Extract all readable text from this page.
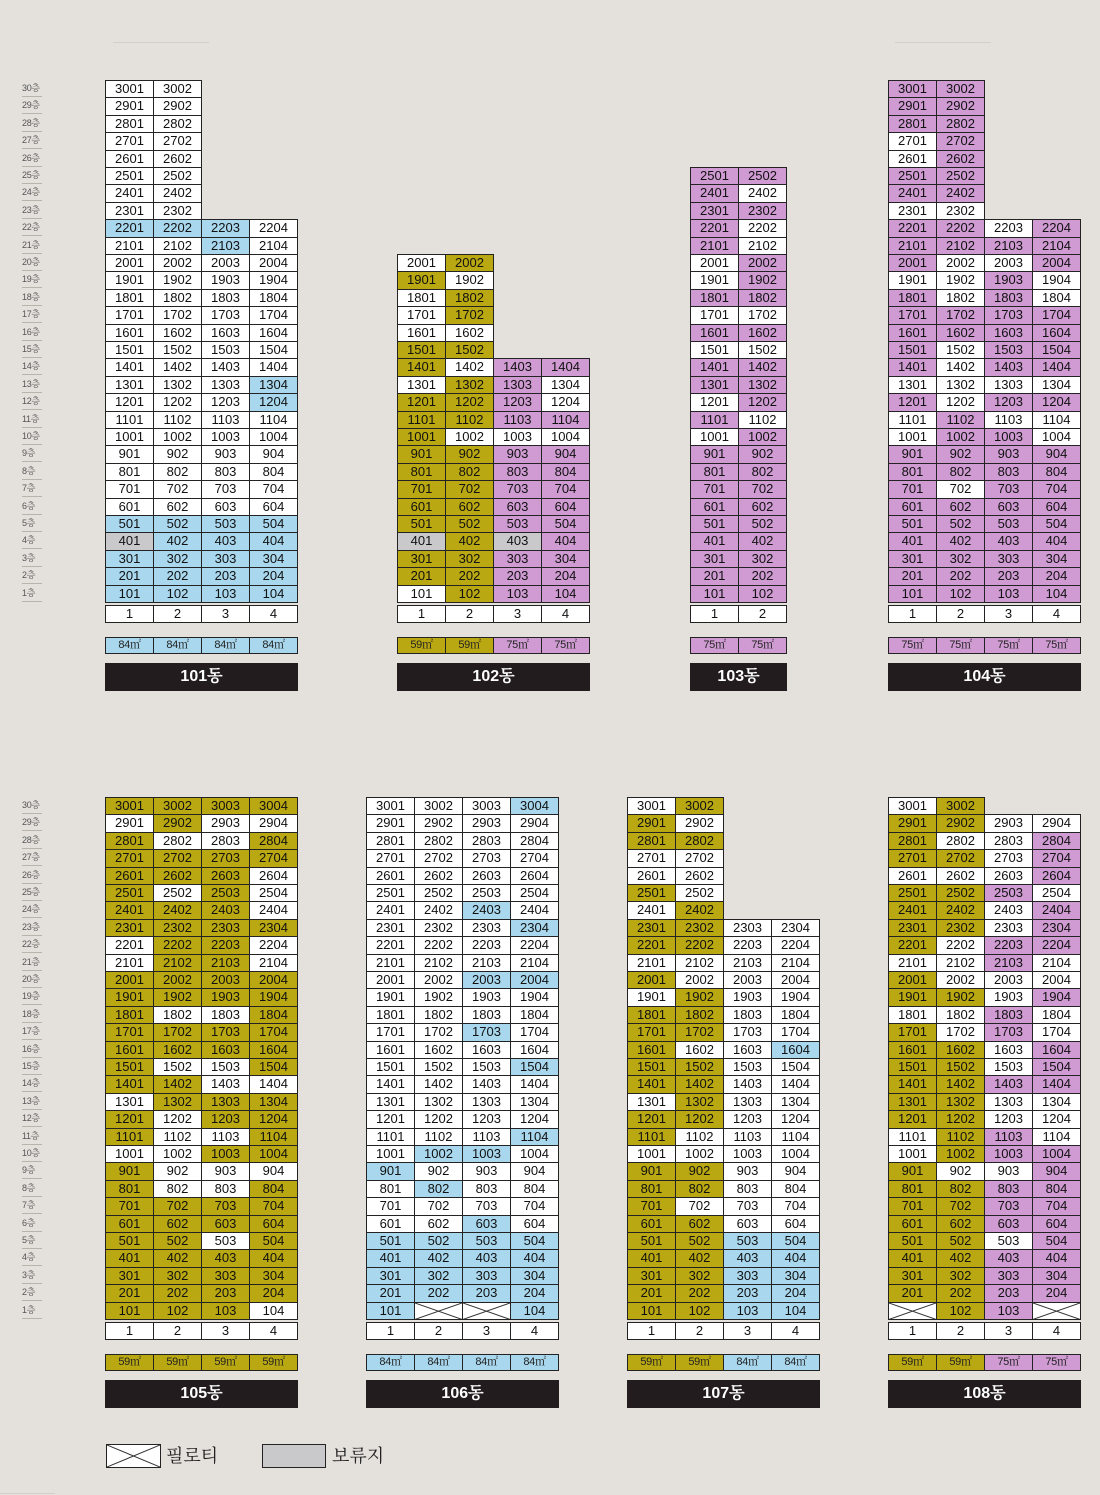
30층
29층
28층
27층
26층
25층
24층
23층
22층
21층
20층
19층
18층
17층
16층
15층
14층
13층
12층
11층
10층
9층
8층
7층
6층
5층
4층
3층
2층
1층
30층
29층
28층
27층
26층
25층
24층
23층
22층
21층
20층
19층
18층
17층
16층
15층
14층
13층
12층
11층
10층
9층
8층
7층
6층
5층
4층
3층
2층
1층
101
201
301
401
501
601
701
801
901
1001
1101
1201
1301
1401
1501
1601
1701
1801
1901
2001
2101
2201
2301
2401
2501
2601
2701
2801
2901
3001
1
84㎡
102
202
302
402
502
602
702
802
902
1002
1102
1202
1302
1402
1502
1602
1702
1802
1902
2002
2102
2202
2302
2402
2502
2602
2702
2802
2902
3002
2
84㎡
103
203
303
403
503
603
703
803
903
1003
1103
1203
1303
1403
1503
1603
1703
1803
1903
2003
2103
2203
3
84㎡
104
204
304
404
504
604
704
804
904
1004
1104
1204
1304
1404
1504
1604
1704
1804
1904
2004
2104
2204
4
84㎡
101동
101
201
301
401
501
601
701
801
901
1001
1101
1201
1301
1401
1501
1601
1701
1801
1901
2001
1
59㎡
102
202
302
402
502
602
702
802
902
1002
1102
1202
1302
1402
1502
1602
1702
1802
1902
2002
2
59㎡
103
203
303
403
503
603
703
803
903
1003
1103
1203
1303
1403
3
75㎡
104
204
304
404
504
604
704
804
904
1004
1104
1204
1304
1404
4
75㎡
102동
101
201
301
401
501
601
701
801
901
1001
1101
1201
1301
1401
1501
1601
1701
1801
1901
2001
2101
2201
2301
2401
2501
1
75㎡
102
202
302
402
502
602
702
802
902
1002
1102
1202
1302
1402
1502
1602
1702
1802
1902
2002
2102
2202
2302
2402
2502
2
75㎡
103동
101
201
301
401
501
601
701
801
901
1001
1101
1201
1301
1401
1501
1601
1701
1801
1901
2001
2101
2201
2301
2401
2501
2601
2701
2801
2901
3001
1
75㎡
102
202
302
402
502
602
702
802
902
1002
1102
1202
1302
1402
1502
1602
1702
1802
1902
2002
2102
2202
2302
2402
2502
2602
2702
2802
2902
3002
2
75㎡
103
203
303
403
503
603
703
803
903
1003
1103
1203
1303
1403
1503
1603
1703
1803
1903
2003
2103
2203
3
75㎡
104
204
304
404
504
604
704
804
904
1004
1104
1204
1304
1404
1504
1604
1704
1804
1904
2004
2104
2204
4
75㎡
104동
101
201
301
401
501
601
701
801
901
1001
1101
1201
1301
1401
1501
1601
1701
1801
1901
2001
2101
2201
2301
2401
2501
2601
2701
2801
2901
3001
1
59㎡
102
202
302
402
502
602
702
802
902
1002
1102
1202
1302
1402
1502
1602
1702
1802
1902
2002
2102
2202
2302
2402
2502
2602
2702
2802
2902
3002
2
59㎡
103
203
303
403
503
603
703
803
903
1003
1103
1203
1303
1403
1503
1603
1703
1803
1903
2003
2103
2203
2303
2403
2503
2603
2703
2803
2903
3003
3
59㎡
104
204
304
404
504
604
704
804
904
1004
1104
1204
1304
1404
1504
1604
1704
1804
1904
2004
2104
2204
2304
2404
2504
2604
2704
2804
2904
3004
4
59㎡
105동
101
201
301
401
501
601
701
801
901
1001
1101
1201
1301
1401
1501
1601
1701
1801
1901
2001
2101
2201
2301
2401
2501
2601
2701
2801
2901
3001
1
84㎡
202
302
402
502
602
702
802
902
1002
1102
1202
1302
1402
1502
1602
1702
1802
1902
2002
2102
2202
2302
2402
2502
2602
2702
2802
2902
3002
2
84㎡
203
303
403
503
603
703
803
903
1003
1103
1203
1303
1403
1503
1603
1703
1803
1903
2003
2103
2203
2303
2403
2503
2603
2703
2803
2903
3003
3
84㎡
104
204
304
404
504
604
704
804
904
1004
1104
1204
1304
1404
1504
1604
1704
1804
1904
2004
2104
2204
2304
2404
2504
2604
2704
2804
2904
3004
4
84㎡
106동
101
201
301
401
501
601
701
801
901
1001
1101
1201
1301
1401
1501
1601
1701
1801
1901
2001
2101
2201
2301
2401
2501
2601
2701
2801
2901
3001
1
59㎡
102
202
302
402
502
602
702
802
902
1002
1102
1202
1302
1402
1502
1602
1702
1802
1902
2002
2102
2202
2302
2402
2502
2602
2702
2802
2902
3002
2
59㎡
103
203
303
403
503
603
703
803
903
1003
1103
1203
1303
1403
1503
1603
1703
1803
1903
2003
2103
2203
2303
3
84㎡
104
204
304
404
504
604
704
804
904
1004
1104
1204
1304
1404
1504
1604
1704
1804
1904
2004
2104
2204
2304
4
84㎡
107동
201
301
401
501
601
701
801
901
1001
1101
1201
1301
1401
1501
1601
1701
1801
1901
2001
2101
2201
2301
2401
2501
2601
2701
2801
2901
3001
1
59㎡
102
202
302
402
502
602
702
802
902
1002
1102
1202
1302
1402
1502
1602
1702
1802
1902
2002
2102
2202
2302
2402
2502
2602
2702
2802
2902
3002
2
59㎡
103
203
303
403
503
603
703
803
903
1003
1103
1203
1303
1403
1503
1603
1703
1803
1903
2003
2103
2203
2303
2403
2503
2603
2703
2803
2903
3
75㎡
204
304
404
504
604
704
804
904
1004
1104
1204
1304
1404
1504
1604
1704
1804
1904
2004
2104
2204
2304
2404
2504
2604
2704
2804
2904
4
75㎡
108동
필로티	보류지
